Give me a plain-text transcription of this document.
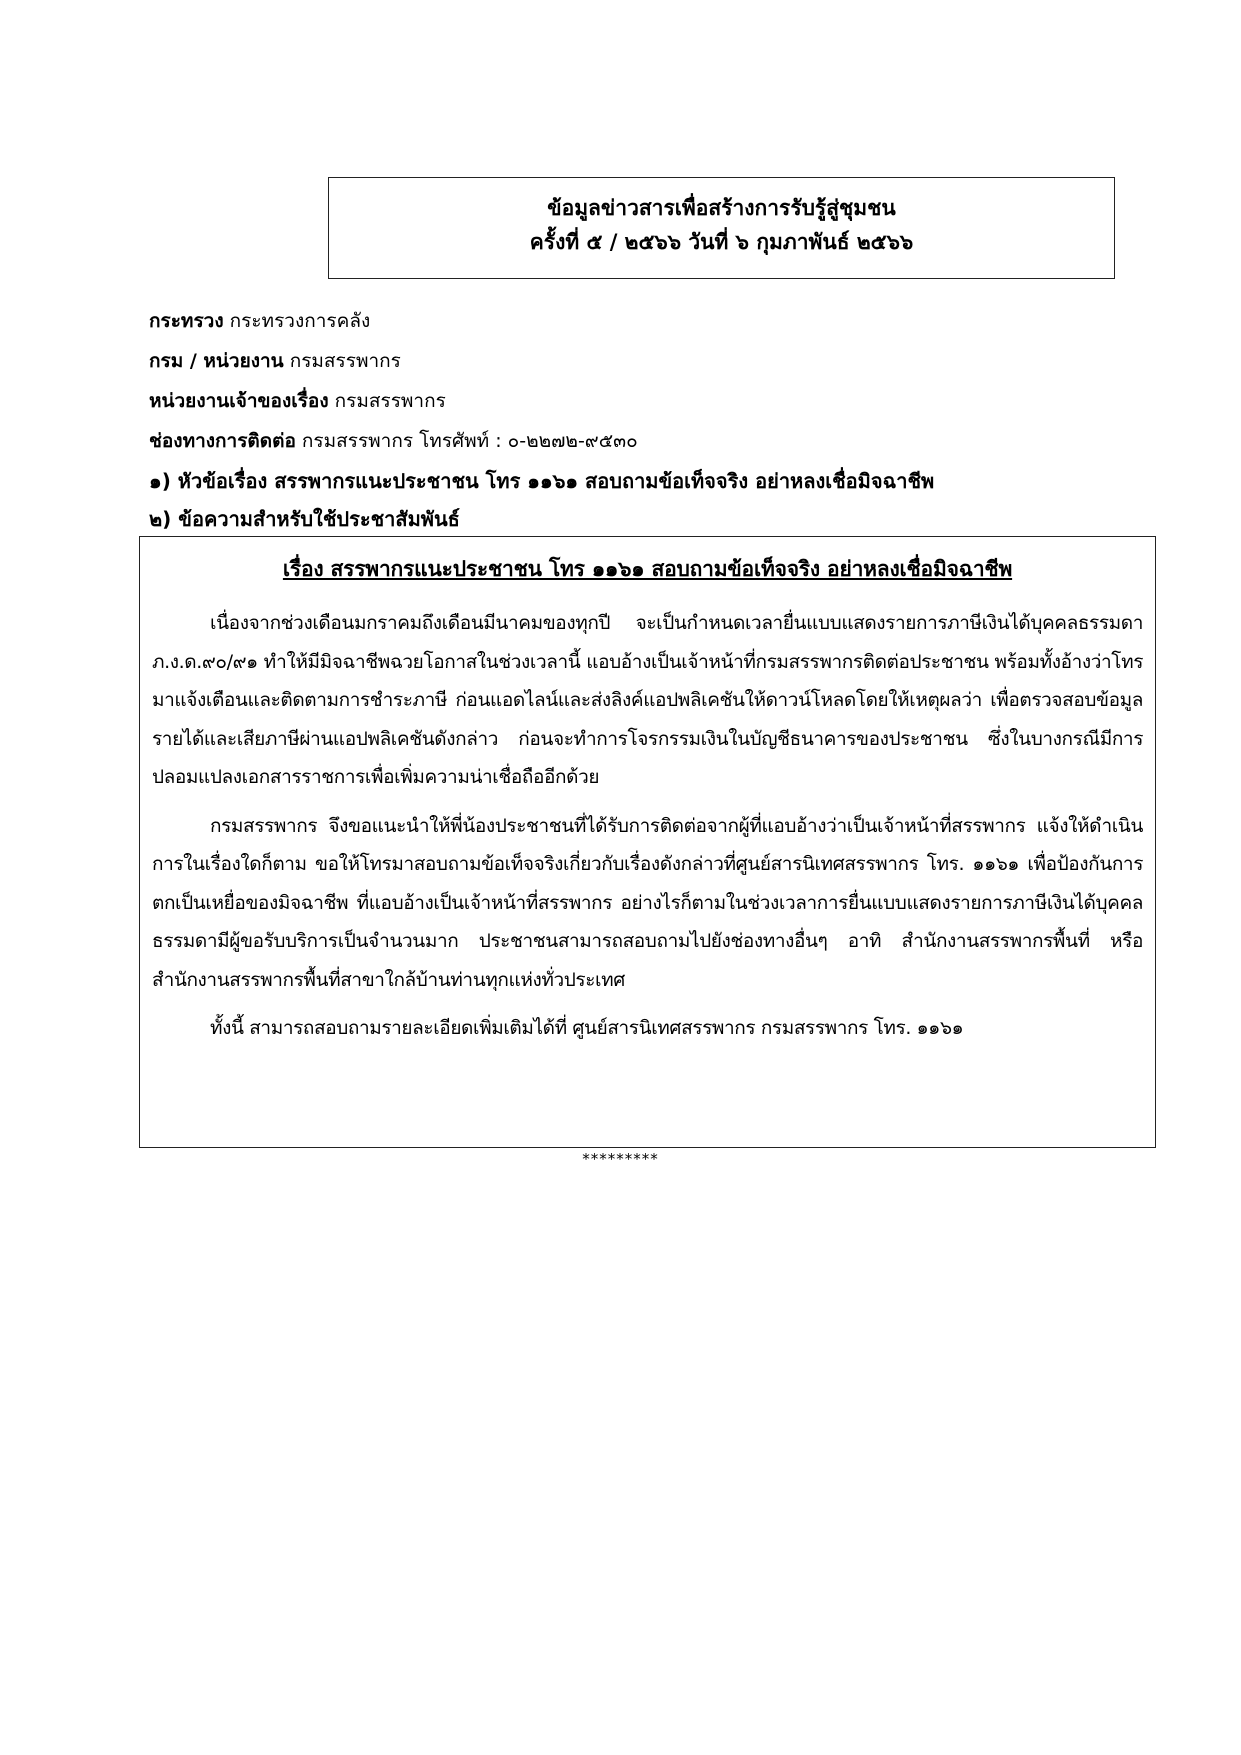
ข้อมูลข่าวสารเพื่อสร้างการรับรู้สู่ชุมชน
ครั้งที่ ๕ / ๒๕๖๖ วันที่ ๖ กุมภาพันธ์ ๒๕๖๖
กระทรวง กระทรวงการคลัง
กรม / หน่วยงาน กรมสรรพากร
หน่วยงานเจ้าของเรื่อง กรมสรรพากร
ช่องทางการติดต่อ กรมสรรพากร โทรศัพท์ : ๐-๒๒๗๒-๙๕๓๐
๑) หัวข้อเรื่อง สรรพากรแนะประชาชน โทร ๑๑๖๑ สอบถามข้อเท็จจริง อย่าหลงเชื่อมิจฉาชีพ
๒) ข้อความสำหรับใช้ประชาสัมพันธ์
เรื่อง สรรพากรแนะประชาชน โทร ๑๑๖๑ สอบถามข้อเท็จจริง อย่าหลงเชื่อมิจฉาชีพ

เนื่องจากช่วงเดือนมกราคมถึงเดือนมีนาคมของทุกปี จะเป็นกำหนดเวลายื่นแบบแสดงรายการภาษีเงินได้บุคคลธรรมดา ภ.ง.ด.๙๐/๙๑ ทำให้มีมิจฉาชีพฉวยโอกาสในช่วงเวลานี้ แอบอ้างเป็นเจ้าหน้าที่กรมสรรพากรติดต่อประชาชน พร้อมทั้งอ้างว่าโทรมาแจ้งเตือนและติดตามการชำระภาษี ก่อนแอดไลน์และส่งลิงค์แอปพลิเคชันให้ดาวน์โหลดโดยให้เหตุผลว่า เพื่อตรวจสอบข้อมูลรายได้และเสียภาษีผ่านแอปพลิเคชันดังกล่าว ก่อนจะทำการโจรกรรมเงินในบัญชีธนาคารของประชาชน ซึ่งในบางกรณีมีการปลอมแปลงเอกสารราชการเพื่อเพิ่มความน่าเชื่อถืออีกด้วย

กรมสรรพากร จึงขอแนะนำให้พี่น้องประชาชนที่ได้รับการติดต่อจากผู้ที่แอบอ้างว่าเป็นเจ้าหน้าที่สรรพากร แจ้งให้ดำเนินการในเรื่องใดก็ตาม ขอให้โทรมาสอบถามข้อเท็จจริงเกี่ยวกับเรื่องดังกล่าวที่ศูนย์สารนิเทศสรรพากร โทร. ๑๑๖๑ เพื่อป้องกันการตกเป็นเหยื่อของมิจฉาชีพ ที่แอบอ้างเป็นเจ้าหน้าที่สรรพากร อย่างไรก็ตามในช่วงเวลาการยื่นแบบแสดงรายการภาษีเงินได้บุคคลธรรมดามีผู้ขอรับบริการเป็นจำนวนมาก ประชาชนสามารถสอบถามไปยังช่องทางอื่นๆ อาทิ สำนักงานสรรพากรพื้นที่ หรือ สำนักงานสรรพากรพื้นที่สาขาใกล้บ้านท่านทุกแห่งทั่วประเทศ

ทั้งนี้ สามารถสอบถามรายละเอียดเพิ่มเติมได้ที่ ศูนย์สารนิเทศสรรพากร กรมสรรพากร โทร. ๑๑๖๑

*********
